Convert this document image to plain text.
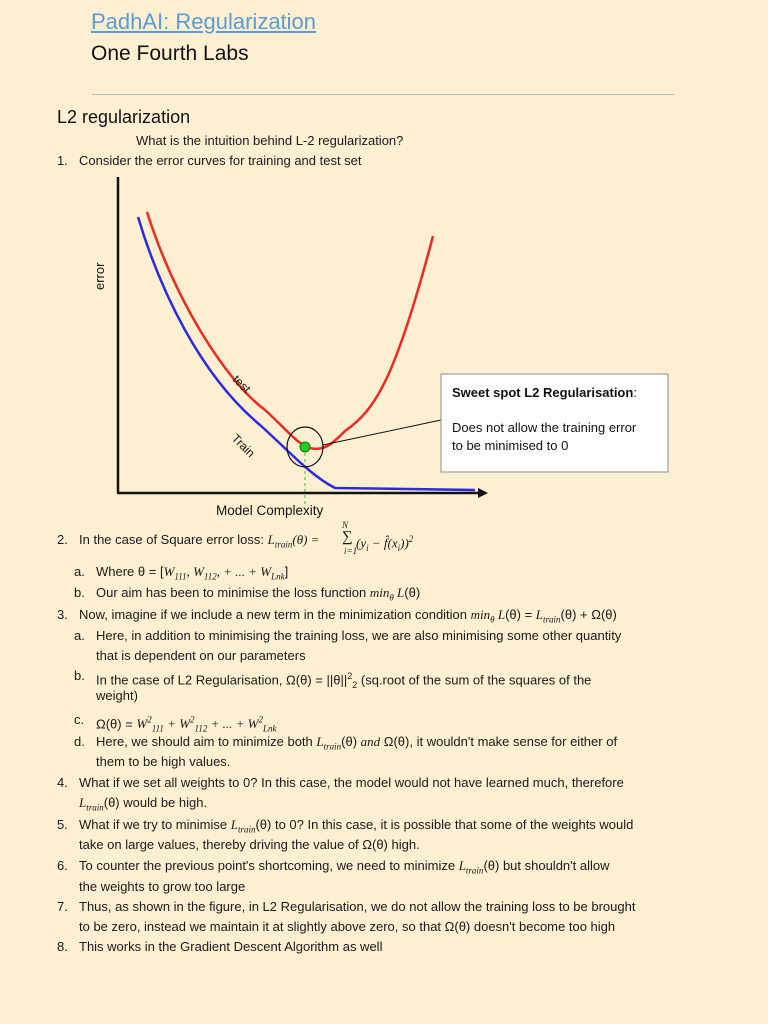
PadhAI: Regularization
One Fourth Labs
L2 regularization
What is the intuition behind L-2 regularization?
1. Consider the error curves for training and test set
error
Model Complexity
test
Train
Sweet spot L2 Regularisation:
Does not allow the training error
to be minimised to 0
2. In the case of Square error loss: $L_{train}(\theta)$ =
N
∑
i=1
($y_i$ − $f̂(x_i))^2$
a. Where $\theta = [W_{111}$, $W_{112}$, + ... + $W_{Lnk}$]
b. Our aim has been to minimise the loss function $\min_\theta L(\theta)$
3. Now, imagine if we include a new term in the minimization condition $\min_\theta L(\theta) = L_{train}(\theta) + \Omega(\theta)$
a. Here, in addition to minimising the training loss, we are also minimising some other quantity
that is dependent on our parameters
b. In the case of L2 Regularisation, $\Omega(\theta) = ||\theta||^2_2$ (sq.root of the sum of the squares of the
weight)
c. $\Omega(\theta) = W^2_{111} + W^2_{112}$ + ... + $W^2_{Lnk}$
d. Here, we should aim to minimize both $L_{train}(\theta)$ and Ω(θ), it wouldn't make sense for either of
them to be high values.
4. What if we set all weights to 0? In this case, the model would not have learned much, therefore
$L_{train}(\theta)$ would be high.
5. What if we try to minimise $L_{train}(\theta)$ to 0? In this case, it is possible that some of the weights would
take on large values, thereby driving the value of Ω(θ) high.
6. To counter the previous point's shortcoming, we need to minimize $L_{train}(\theta)$ but shouldn't allow
the weights to grow too large
7. Thus, as shown in the figure, in L2 Regularisation, we do not allow the training loss to be brought
to be zero, instead we maintain it at slightly above zero, so that Ω(θ) doesn't become too high
8. This works in the Gradient Descent Algorithm as well
